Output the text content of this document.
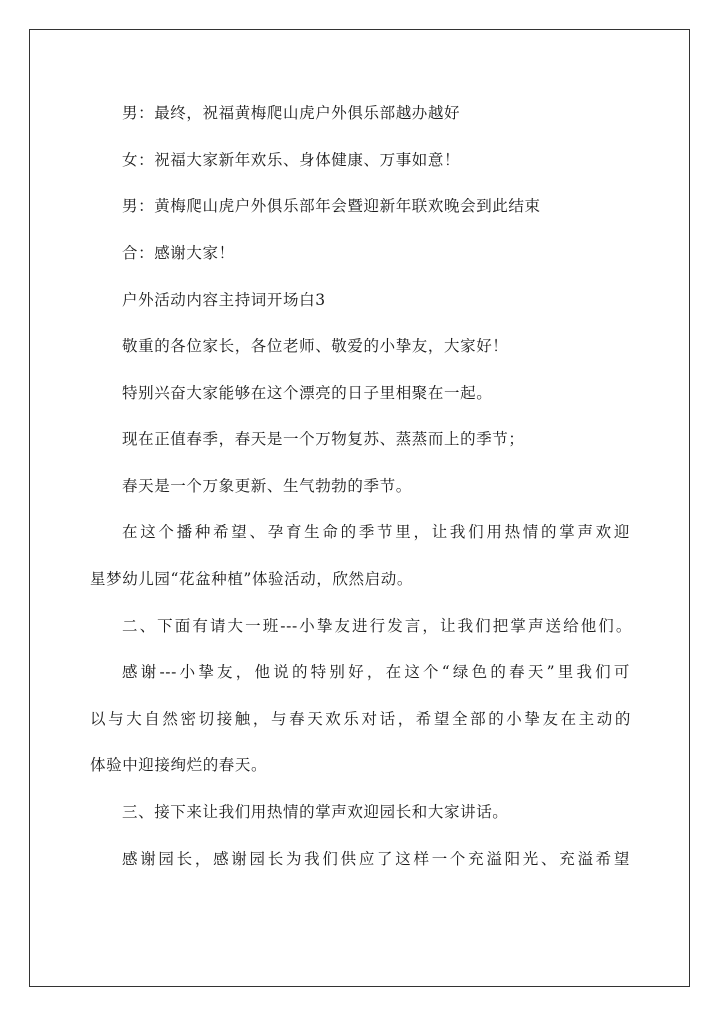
男：最终，祝福黄梅爬山虎户外俱乐部越办越好
女：祝福大家新年欢乐、身体健康、万事如意！
男：黄梅爬山虎户外俱乐部年会暨迎新年联欢晚会到此结束
合：感谢大家！
户外活动内容主持词开场白3
敬重的各位家长，各位老师、敬爱的小挚友，大家好！
特别兴奋大家能够在这个漂亮的日子里相聚在一起。
现在正值春季，春天是一个万物复苏、蒸蒸而上的季节；
春天是一个万象更新、生气勃勃的季节。
在这个播种希望、孕育生命的季节里，让我们用热情的掌声欢迎
星梦幼儿园“花盆种植”体验活动，欣然启动。
二、下面有请大一班---小挚友进行发言，让我们把掌声送给他们。
感谢---小挚友，他说的特别好，在这个“绿色的春天”里我们可
以与大自然密切接触，与春天欢乐对话，希望全部的小挚友在主动的
体验中迎接绚烂的春天。
三、接下来让我们用热情的掌声欢迎园长和大家讲话。
感谢园长，感谢园长为我们供应了这样一个充溢阳光、充溢希望
